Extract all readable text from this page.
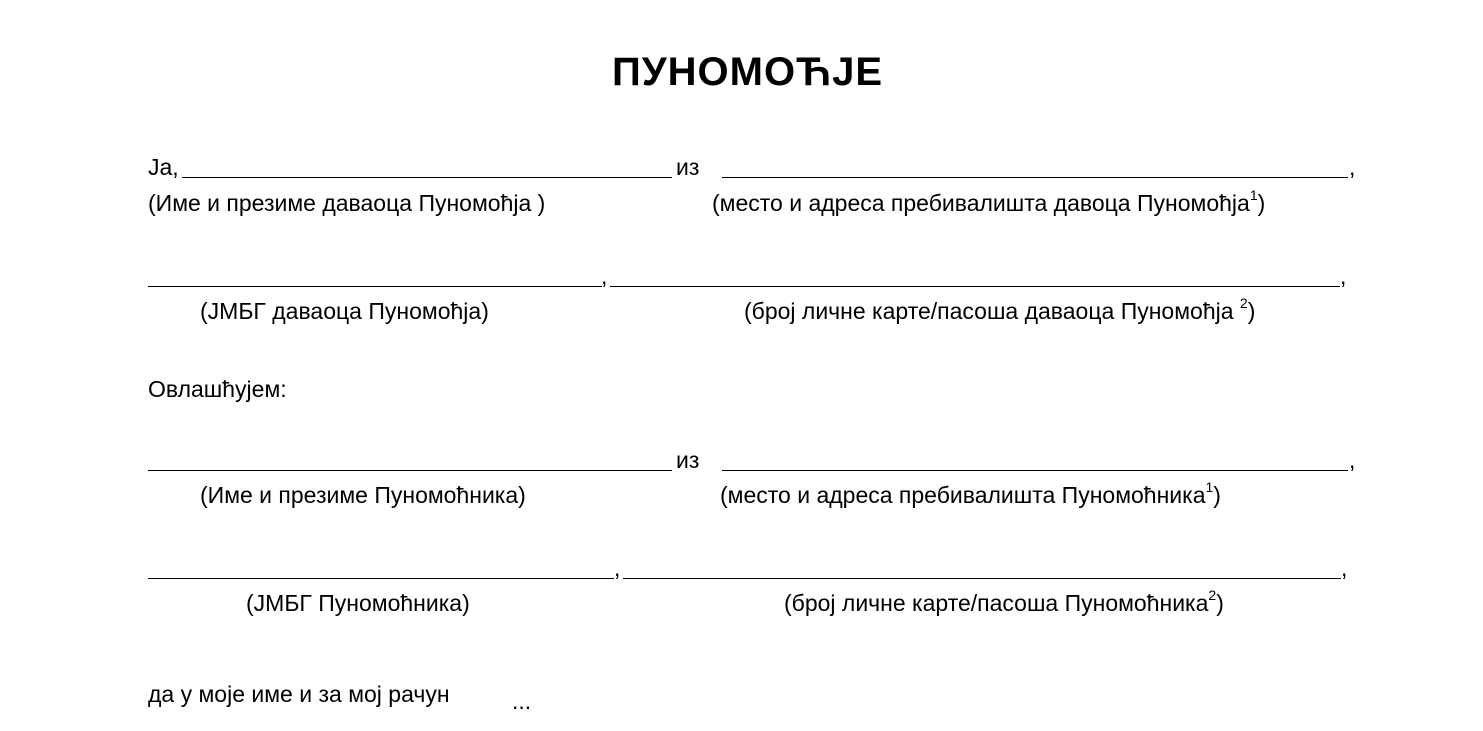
ПУНОМОЋЈЕ
Ја,	из	,
(Име и презиме даваоца Пуномоћја )	(место и адреса пребивалишта давоца Пуномоћја$^1$)
,	,
(ЈМБГ даваоца Пуномоћја)	(број личне карте/пасоша даваоца Пуномоћја $^2$)
Овлашћујем:
из	,
(Име и презиме Пуномоћника)	(место и адреса пребивалишта Пуномоћника$^1$)
,	,
(ЈМБГ Пуномоћника)	(број личне карте/пасоша Пуномоћника$^2$)
да у моје име и за мој рачун	...
